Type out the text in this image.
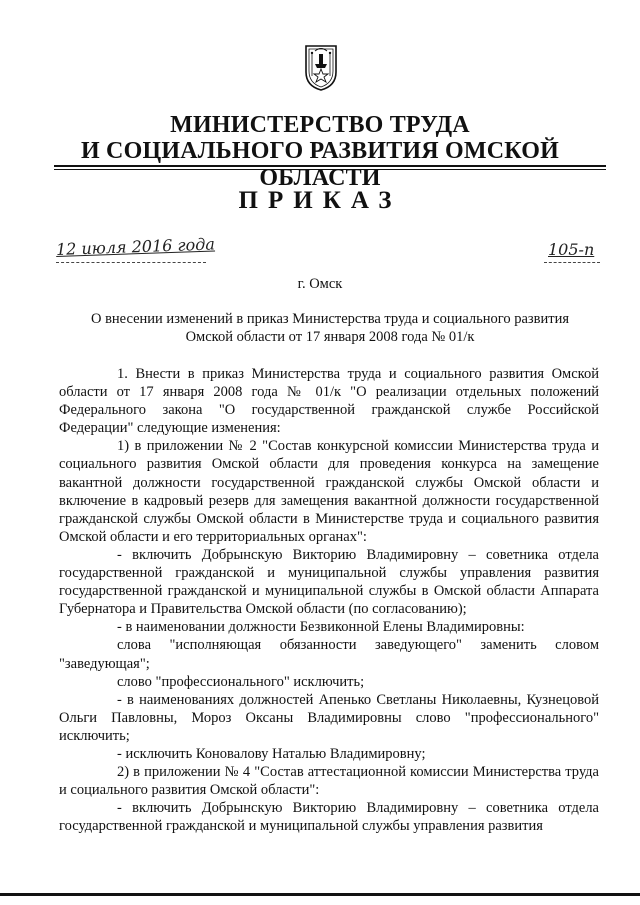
МИНИСТЕРСТВО ТРУДА
И СОЦИАЛЬНОГО РАЗВИТИЯ ОМСКОЙ ОБЛАСТИ
ПРИКАЗ
12 июля 2016 года	105-п
г. Омск
О внесении изменений в приказ Министерства труда и социального развития Омской области от 17 января 2008 года № 01/к

1. Внести в приказ Министерства труда и социального развития Омской области от 17 января 2008 года № 01/к "О реализации отдельных положений Федерального закона "О государственной гражданской службе Российской Федерации" следующие изменения:

1) в приложении № 2 "Состав конкурсной комиссии Министерства труда и социального развития Омской области для проведения конкурса на замещение вакантной должности государственной гражданской службы Омской области и включение в кадровый резерв для замещения вакантной должности государственной гражданской службы Омской области в Министерстве труда и социального развития Омской области и его территориальных органах":

- включить Добрынскую Викторию Владимировну – советника отдела государственной гражданской и муниципальной службы управления развития государственной гражданской и муниципальной службы в Омской области Аппарата Губернатора и Правительства Омской области (по согласованию);

- в наименовании должности Безвиконной Елены Владимировны:

слова "исполняющая обязанности заведующего" заменить словом "заведующая";

слово "профессионального" исключить;

- в наименованиях должностей Апенько Светланы Николаевны, Кузнецовой Ольги Павловны, Мороз Оксаны Владимировны слово "профессионального" исключить;

- исключить Коновалову Наталью Владимировну;

2) в приложении № 4 "Состав аттестационной комиссии Министерства труда и социального развития Омской области":

- включить Добрынскую Викторию Владимировну – советника отдела государственной гражданской и муниципальной службы управления развития
